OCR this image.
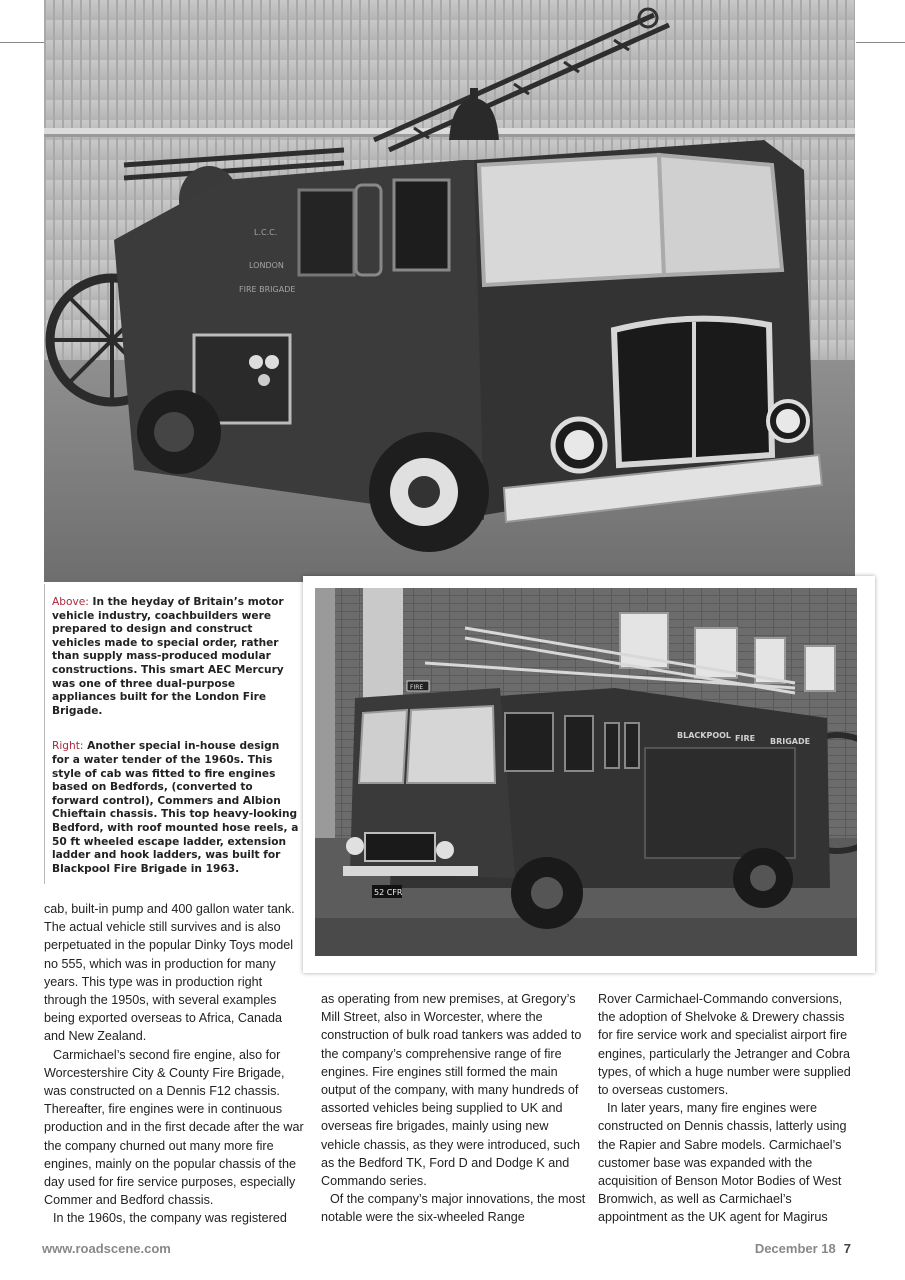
L.C.C.
LONDON
FIRE BRIGADE
52 CFR
BLACKPOOL FIRE BRIGADE
FIRE

Above: In the heyday of Britain’s motor vehicle industry, coachbuilders were prepared to design and construct vehicles made to special order, rather than supply mass-produced modular constructions. This smart AEC Mercury was one of three dual-purpose appliances built for the London Fire Brigade.

Right: Another special in-house design for a water tender of the 1960s. This style of cab was fitted to fire engines based on Bedfords, (converted to forward control), Commers and Albion Chieftain chassis. This top heavy-looking Bedford, with roof mounted hose reels, a 50 ft wheeled escape ladder, extension ladder and hook ladders, was built for Blackpool Fire Brigade in 1963.

cab, built-in pump and 400 gallon water tank. The actual vehicle still survives and is also perpetuated in the popular Dinky Toys model no 555, which was in production for many years. This type was in production right through the 1950s, with several examples being exported overseas to Africa, Canada and New Zealand.

Carmichael’s second fire engine, also for Worcestershire City & County Fire Brigade, was constructed on a Dennis F12 chassis. Thereafter, fire engines were in continuous production and in the first decade after the war the company churned out many more fire engines, mainly on the popular chassis of the day used for fire service purposes, especially Commer and Bedford chassis.

In the 1960s, the company was registered

as operating from new premises, at Gregory’s Mill Street, also in Worcester, where the construction of bulk road tankers was added to the company’s comprehensive range of fire engines. Fire engines still formed the main output of the company, with many hundreds of assorted vehicles being supplied to UK and overseas fire brigades, mainly using new vehicle chassis, as they were introduced, such as the Bedford TK, Ford D and Dodge K and Commando series.

Of the company’s major innovations, the most notable were the six-wheeled Range

Rover Carmichael-Commando conversions, the adoption of Shelvoke & Drewery chassis for fire service work and specialist airport fire engines, particularly the Jetranger and Cobra types, of which a huge number were supplied to overseas customers.

In later years, many fire engines were constructed on Dennis chassis, latterly using the Rapier and Sabre models. Carmichael’s customer base was expanded with the acquisition of Benson Motor Bodies of West Bromwich, as well as Carmichael’s appointment as the UK agent for Magirus

www.roadscene.com	December 18 7
